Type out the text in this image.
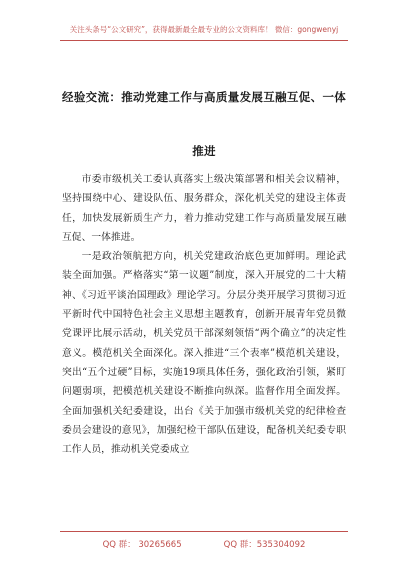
关注头条号“公文研究”，获得最新最全最专业的公文资料库！ 微信：gongwenyj
经验交流：推动党建工作与高质量发展互融互促、一体推进

市委市级机关工委认真落实上级决策部署和相关会议精神，坚持围绕中心、建设队伍、服务群众，深化机关党的建设主体责任，加快发展新质生产力，着力推动党建工作与高质量发展互融互促、一体推进。

一是政治领航把方向，机关党建政治底色更加鲜明。理论武装全面加强。严格落实“第一议题”制度，深入开展党的二十大精神、《习近平谈治国理政》理论学习。分层分类开展学习贯彻习近平新时代中国特色社会主义思想主题教育，创新开展青年党员微党课评比展示活动，机关党员干部深刻领悟“两个确立”的决定性意义。模范机关全面深化。深入推进“三个表率”模范机关建设，突出“五个过硬”目标，实施19项具体任务，强化政治引领，紧盯问题弱项，把模范机关建设不断推向纵深。监督作用全面发挥。全面加强机关纪委建设，出台《关于加强市级机关党的纪律检查委员会建设的意见》，加强纪检干部队伍建设，配备机关纪委专职工作人员，推动机关党委成立

QQ 群： 30265665	QQ 群：535304092
